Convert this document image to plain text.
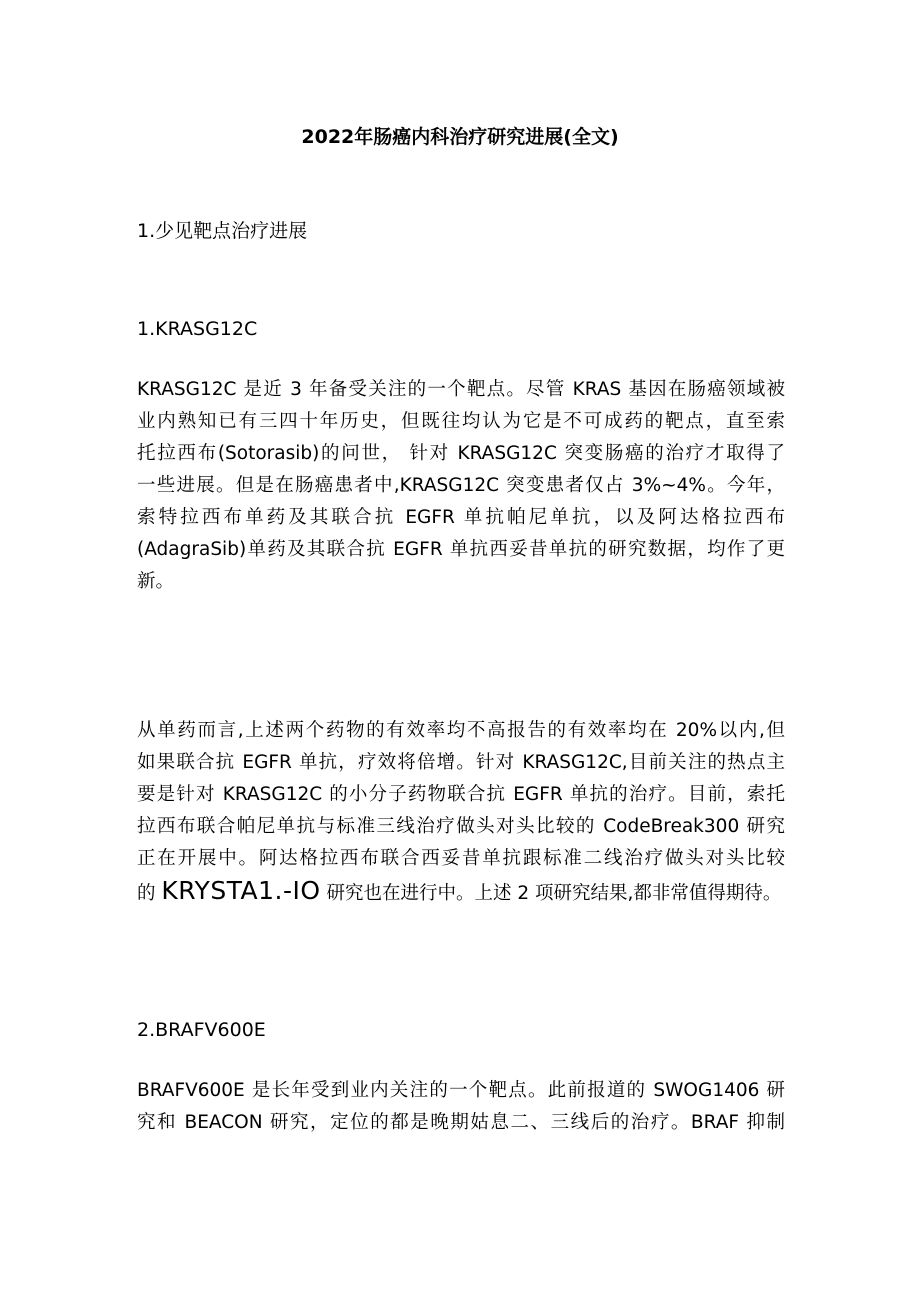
2022年肠癌内科治疗研究进展(全文)
1.少见靶点治疗进展
1.KRASG12C
KRASG12C 是近 3 年备受关注的一个靶点。尽管 KRAS 基因在肠癌领域被
业内熟知已有三四十年历史，但既往均认为它是不可成药的靶点，直至索
托拉西布(Sotorasib)的问世， 针对 KRASG12C 突变肠癌的治疗才取得了
一些进展。但是在肠癌患者中,KRASG12C 突变患者仅占 3%~4%。今年，
索特拉西布单药及其联合抗 EGFR 单抗帕尼单抗，以及阿达格拉西布
(AdagraSib)单药及其联合抗 EGFR 单抗西妥昔单抗的研究数据，均作了更
新。
从单药而言,上述两个药物的有效率均不高报告的有效率均在 20%以内,但
如果联合抗 EGFR 单抗，疗效将倍增。针对 KRASG12C,目前关注的热点主
要是针对 KRASG12C 的小分子药物联合抗 EGFR 单抗的治疗。目前，索托
拉西布联合帕尼单抗与标准三线治疗做头对头比较的 CodeBreak300 研究
正在开展中。阿达格拉西布联合西妥昔单抗跟标准二线治疗做头对头比较
的 KRYSTA1.-IO 研究也在进行中。上述 2 项研究结果,都非常值得期待。
2.BRAFV600E
BRAFV600E 是长年受到业内关注的一个靶点。此前报道的 SWOG1406 研
究和 BEACON 研究，定位的都是晚期姑息二、三线后的治疗。BRAF 抑制
